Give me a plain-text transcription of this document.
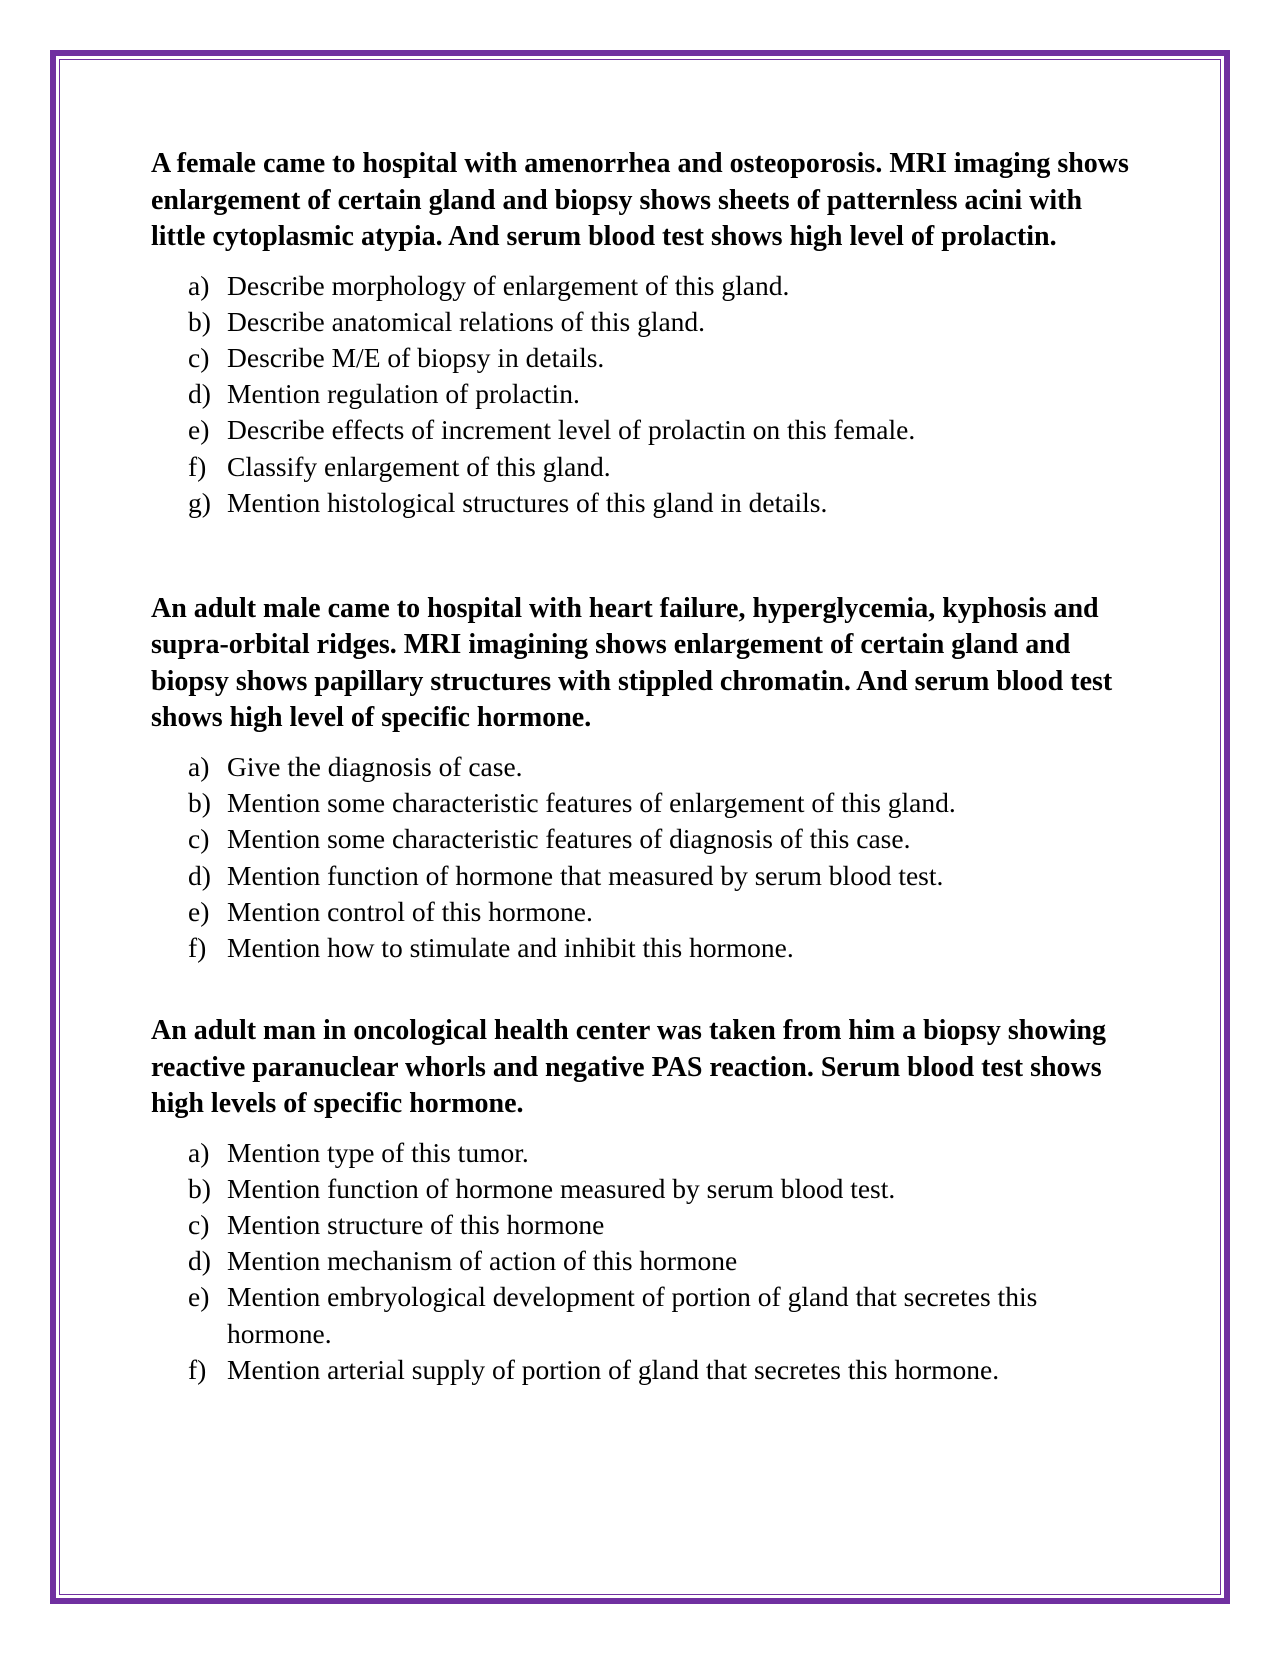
A female came to hospital with amenorrhea and osteoporosis. MRI imaging shows enlargement of certain gland and biopsy shows sheets of patternless acini with little cytoplasmic atypia. And serum blood test shows high level of prolactin.

a) Describe morphology of enlargement of this gland.
b) Describe anatomical relations of this gland.
c) Describe M/E of biopsy in details.
d) Mention regulation of prolactin.
e) Describe effects of increment level of prolactin on this female.
f) Classify enlargement of this gland.
g) Mention histological structures of this gland in details.

An adult male came to hospital with heart failure, hyperglycemia, kyphosis and supra-orbital ridges. MRI imagining shows enlargement of certain gland and biopsy shows papillary structures with stippled chromatin. And serum blood test shows high level of specific hormone.

a) Give the diagnosis of case.
b) Mention some characteristic features of enlargement of this gland.
c) Mention some characteristic features of diagnosis of this case.
d) Mention function of hormone that measured by serum blood test.
e) Mention control of this hormone.
f) Mention how to stimulate and inhibit this hormone.

An adult man in oncological health center was taken from him a biopsy showing reactive paranuclear whorls and negative PAS reaction. Serum blood test shows high levels of specific hormone.

a) Mention type of this tumor.
b) Mention function of hormone measured by serum blood test.
c) Mention structure of this hormone
d) Mention mechanism of action of this hormone
e) Mention embryological development of portion of gland that secretes this hormone.
f) Mention arterial supply of portion of gland that secretes this hormone.
